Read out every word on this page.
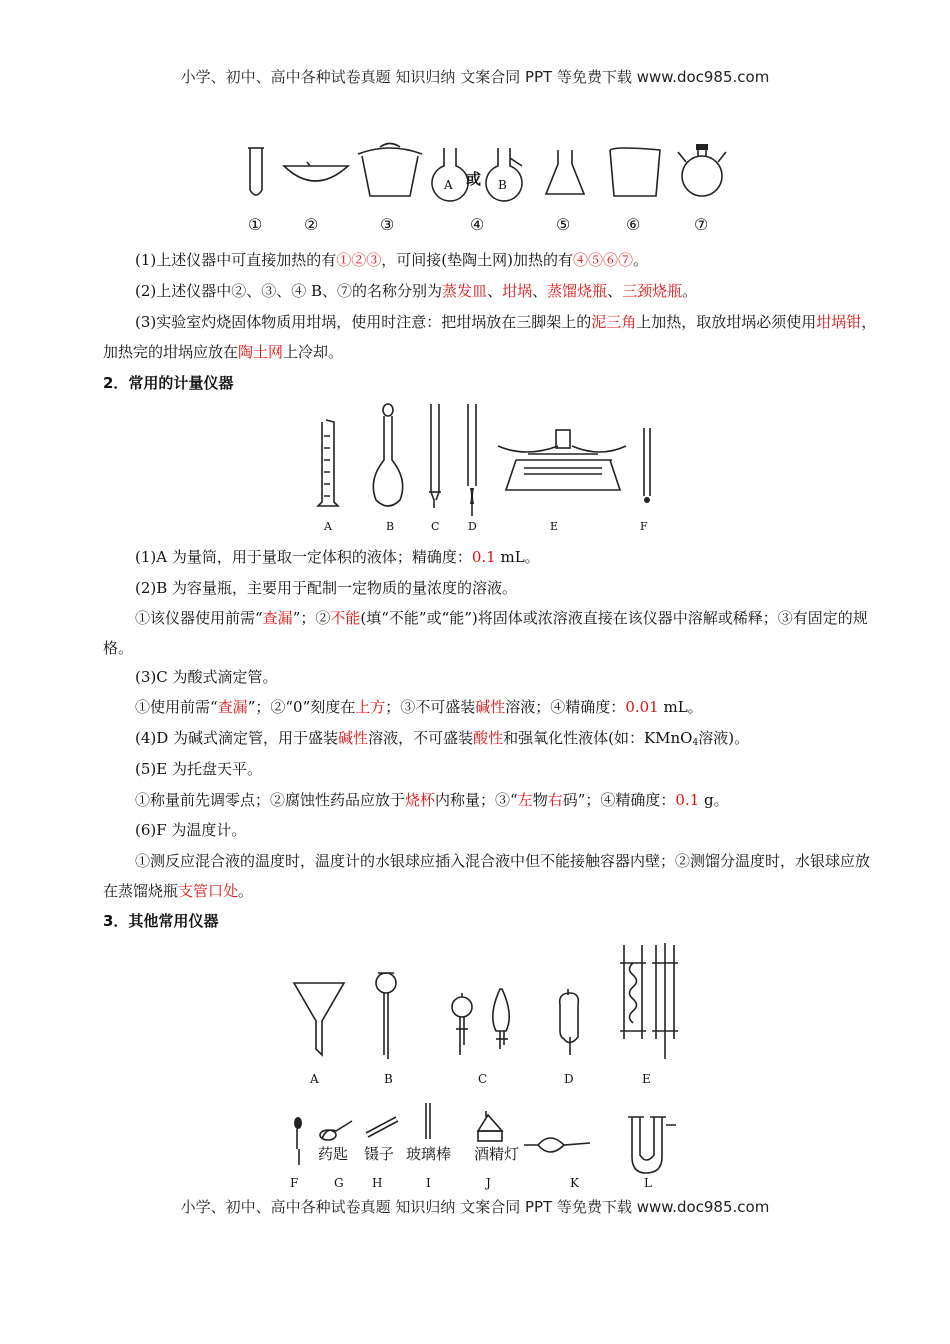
小学、初中、高中各种试卷真题 知识归纳 文案合同 PPT 等免费下载 www.doc985.com
A 或 B
①	②	③	④	⑤	⑥	⑦
(1)上述仪器中可直接加热的有①②③，可间接(垫陶土网)加热的有④⑤⑥⑦。
(2)上述仪器中②、③、④ B、⑦的名称分别为蒸发皿、坩埚、蒸馏烧瓶、三颈烧瓶。
(3)实验室灼烧固体物质用坩埚，使用时注意：把坩埚放在三脚架上的泥三角上加热，取放坩埚必须使用坩埚钳，加热完的坩埚应放在陶土网上冷却。
2．常用的计量仪器
A	B	C	D	E	F
(1)A 为量筒，用于量取一定体积的液体；精确度：0.1 mL。
(2)B 为容量瓶，主要用于配制一定物质的量浓度的溶液。
①该仪器使用前需“查漏”；②不能(填“不能”或“能”)将固体或浓溶液直接在该仪器中溶解或稀释；③有固定的规格。
(3)C 为酸式滴定管。
①使用前需“查漏”；②“0”刻度在上方；③不可盛装碱性溶液；④精确度：0.01 mL。
(4)D 为碱式滴定管，用于盛装碱性溶液，不可盛装酸性和强氧化性液体(如：KMnO$_4$溶液)。
(5)E 为托盘天平。
①称量前先调零点；②腐蚀性药品应放于烧杯内称量；③“左物右码”；④精确度：0.1 g。
(6)F 为温度计。
①测反应混合液的温度时，温度计的水银球应插入混合液中但不能接触容器内壁；②测馏分温度时，水银球应放在蒸馏烧瓶支管口处。
3．其他常用仪器
A	B	C	D	E
药匙 镊子 玻璃棒 酒精灯
F	G H	I	J	K	L
小学、初中、高中各种试卷真题 知识归纳 文案合同 PPT 等免费下载 www.doc985.com
